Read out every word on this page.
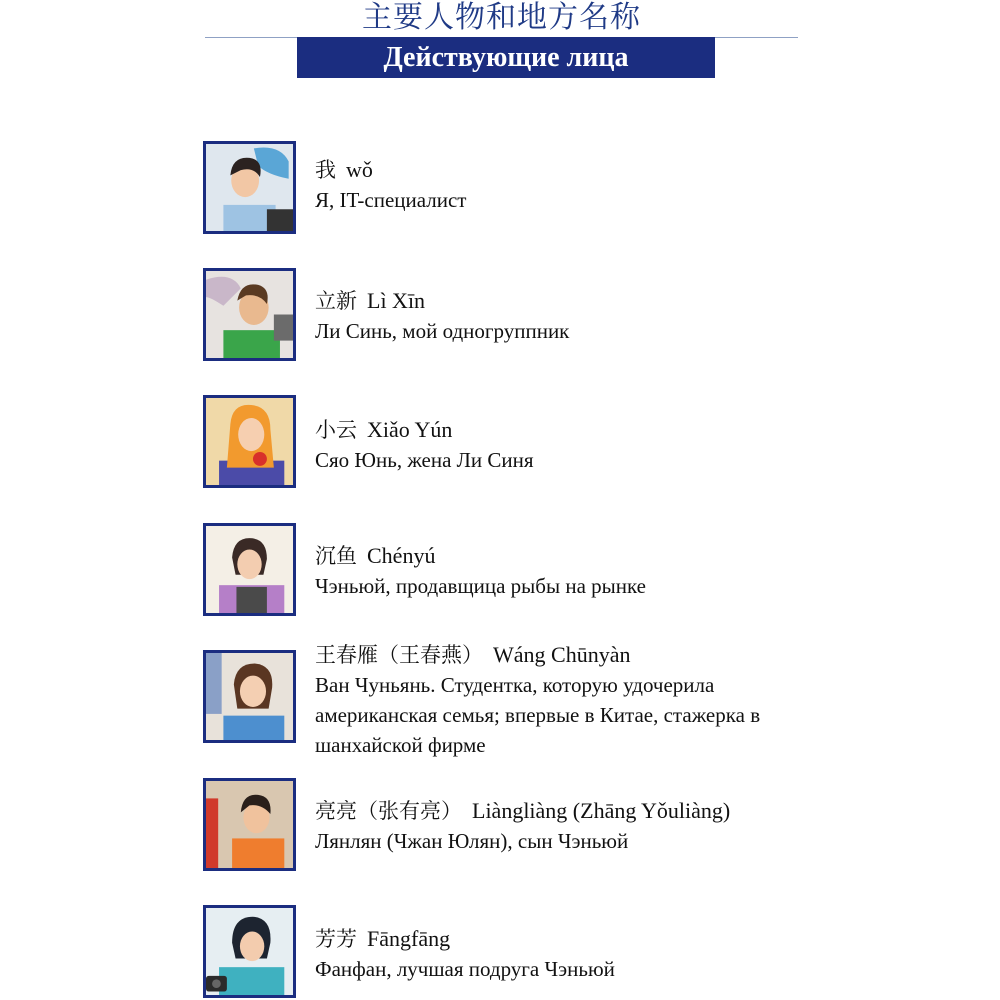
主要人物和地方名称
Действующие лица
我 wǒ
Я, IT-специалист
立新 Lì Xīn
Ли Синь, мой одногруппник
小云 Xiǎo Yún
Сяо Юнь, жена Ли Синя
沉鱼 Chényú
Чэньюй, продавщица рыбы на рынке
王春雁（王春燕） Wáng Chūnyàn
Ван Чуньянь. Студентка, которую удочерила американская семья; впервые в Китае, стажерка в шанхайской фирме
亮亮（张有亮） Liàngliàng (Zhāng Yǒuliàng)
Лянлян (Чжан Юлян), сын Чэньюй
芳芳 Fāngfāng
Фанфан, лучшая подруга Чэньюй
